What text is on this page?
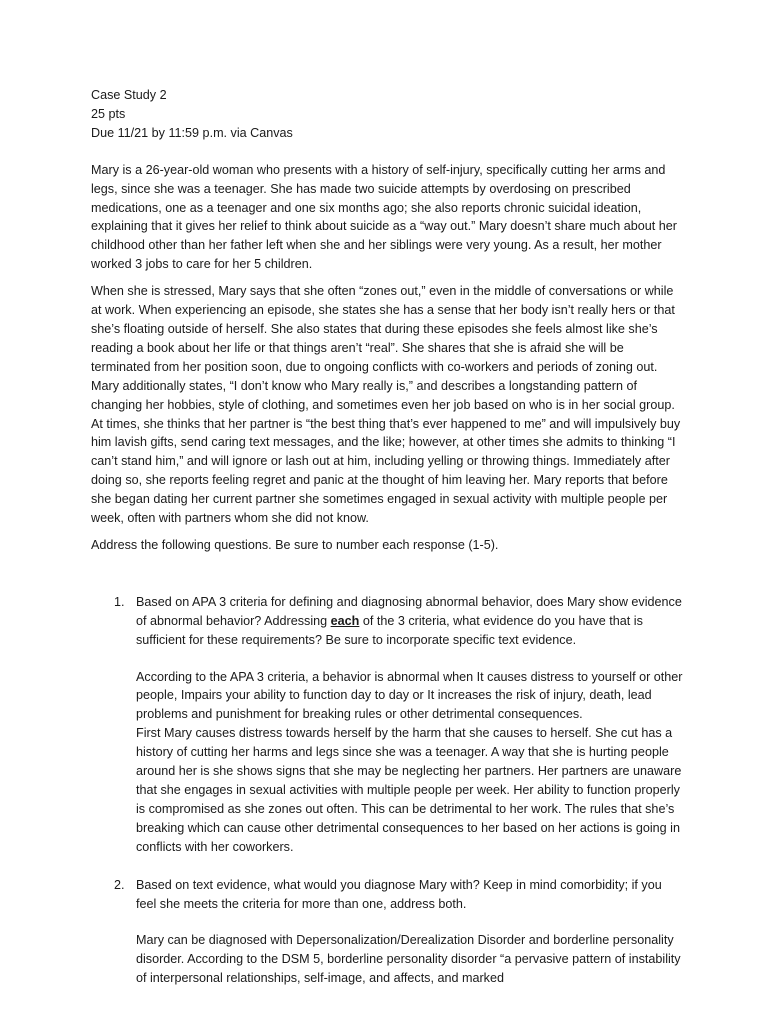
Case Study 2

25 pts

Due 11/21 by 11:59 p.m. via Canvas

Mary is a 26-year-old woman who presents with a history of self-injury, specifically cutting her arms and legs, since she was a teenager. She has made two suicide attempts by overdosing on prescribed medications, one as a teenager and one six months ago; she also reports chronic suicidal ideation, explaining that it gives her relief to think about suicide as a “way out.” Mary doesn’t share much about her childhood other than her father left when she and her siblings were very young. As a result, her mother worked 3 jobs to care for her 5 children.

When she is stressed, Mary says that she often “zones out,” even in the middle of conversations or while at work. When experiencing an episode, she states she has a sense that her body isn’t really hers or that she’s floating outside of herself. She also states that during these episodes she feels almost like she’s reading a book about her life or that things aren’t “real”. She shares that she is afraid she will be terminated from her position soon, due to ongoing conflicts with co-workers and periods of zoning out. Mary additionally states, “I don’t know who Mary really is,” and describes a longstanding pattern of changing her hobbies, style of clothing, and sometimes even her job based on who is in her social group. At times, she thinks that her partner is “the best thing that’s ever happened to me” and will impulsively buy him lavish gifts, send caring text messages, and the like; however, at other times she admits to thinking “I can’t stand him,” and will ignore or lash out at him, including yelling or throwing things. Immediately after doing so, she reports feeling regret and panic at the thought of him leaving her. Mary reports that before she began dating her current partner she sometimes engaged in sexual activity with multiple people per week, often with partners whom she did not know.

Address the following questions. Be sure to number each response (1-5).

1. Based on APA 3 criteria for defining and diagnosing abnormal behavior, does Mary show evidence of abnormal behavior? Addressing each of the 3 criteria, what evidence do you have that is sufficient for these requirements? Be sure to incorporate specific text evidence.

According to the APA 3 criteria, a behavior is abnormal when It causes distress to yourself or other people, Impairs your ability to function day to day or It increases the risk of injury, death, lead problems and punishment for breaking rules or other detrimental consequences.

First Mary causes distress towards herself by the harm that she causes to herself. She cut has a history of cutting her harms and legs since she was a teenager. A way that she is hurting people around her is she shows signs that she may be neglecting her partners. Her partners are unaware that she engages in sexual activities with multiple people per week. Her ability to function properly is compromised as she zones out often. This can be detrimental to her work. The rules that she’s breaking which can cause other detrimental consequences to her based on her actions is going in conflicts with her coworkers.

2. Based on text evidence, what would you diagnose Mary with? Keep in mind comorbidity; if you feel she meets the criteria for more than one, address both.

Mary can be diagnosed with Depersonalization/Derealization Disorder and borderline personality disorder. According to the DSM 5, borderline personality disorder “a pervasive pattern of instability of interpersonal relationships, self-image, and affects, and marked
